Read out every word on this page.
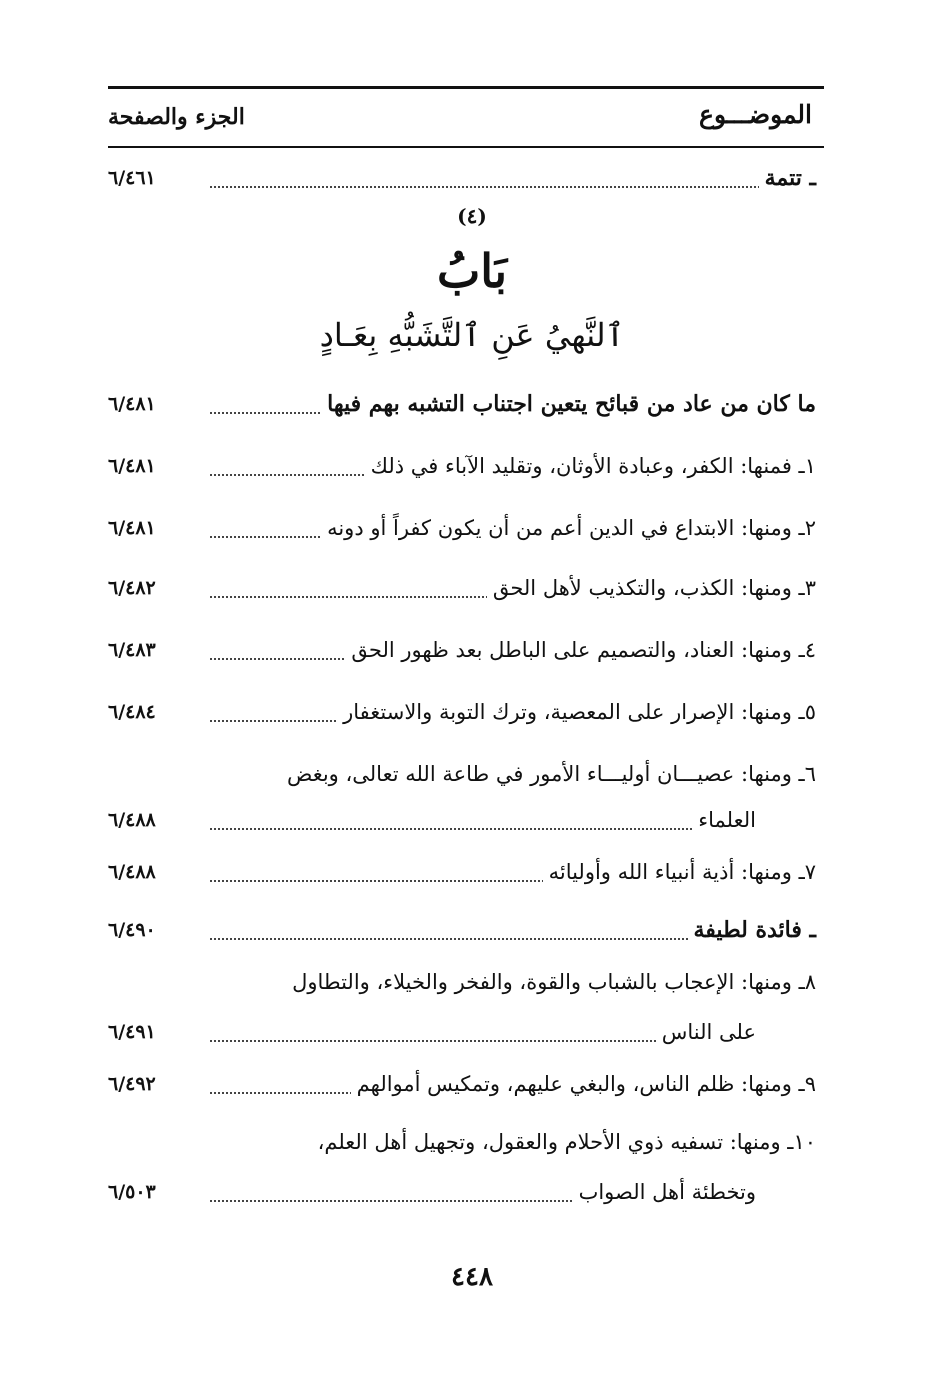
الموضـــوع
الجزء والصفحة
٦/٤٦١	ـ تتمة
(٤)
بَابُ
ٱلنَّهيُ عَنِ ٱلتَّشَبُّهِ بِعَـادٍ
٦/٤٨١	ما كان من عاد من قبائح يتعين اجتناب التشبه بهم فيها
٦/٤٨١	١ـ فمنها: الكفر، وعبادة الأوثان، وتقليد الآباء في ذلك
٦/٤٨١	٢ـ ومنها: الابتداع في الدين أعم من أن يكون كفراً أو دونه
٦/٤٨٢	٣ـ ومنها: الكذب، والتكذيب لأهل الحق
٦/٤٨٣	٤ـ ومنها: العناد، والتصميم على الباطل بعد ظهور الحق
٦/٤٨٤	٥ـ ومنها: الإصرار على المعصية، وترك التوبة والاستغفار
٦ـ ومنها: عصيـــان أوليـــاء الأمور في طاعة الله تعالى، وبغض
٦/٤٨٨	العلماء
٦/٤٨٨	٧ـ ومنها: أذية أنبياء الله وأوليائه
٦/٤٩٠	ـ فائدة لطيفة
٨ـ ومنها: الإعجاب بالشباب والقوة، والفخر والخيلاء، والتطاول
٦/٤٩١	على الناس
٦/٤٩٢	٩ـ ومنها: ظلم الناس، والبغي عليهم، وتمكيس أموالهم
١٠ـ ومنها: تسفيه ذوي الأحلام والعقول، وتجهيل أهل العلم،
٦/٥٠٣	وتخطئة أهل الصواب
٤٤٨
